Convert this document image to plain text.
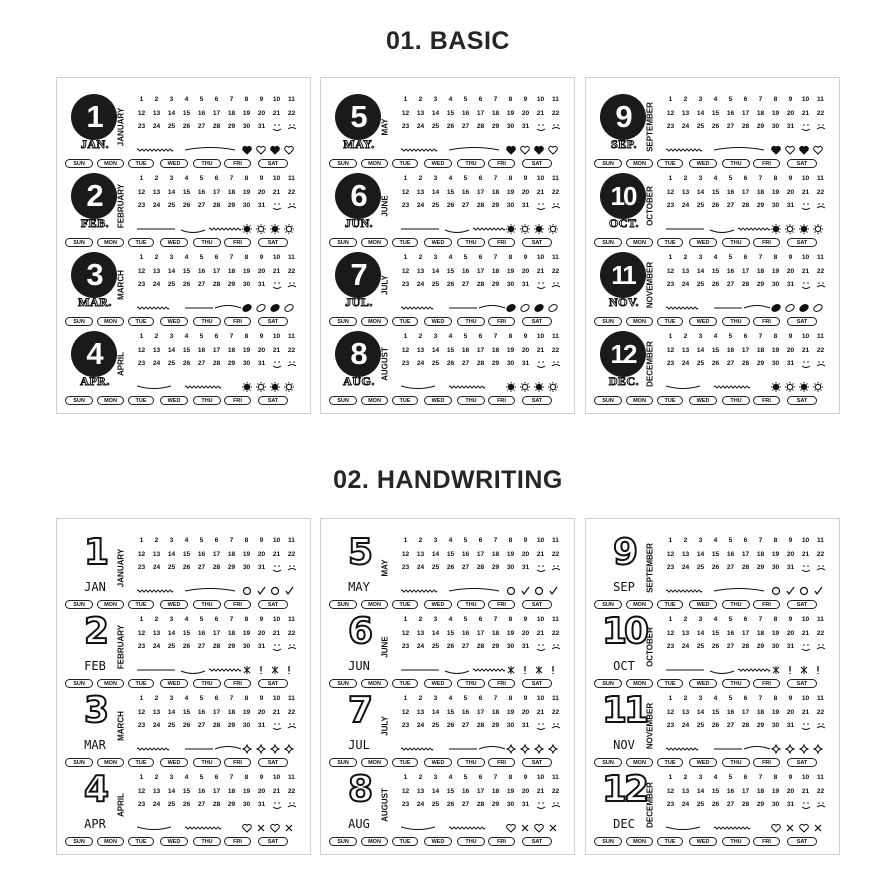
01. BASIC
1
JAN. JANUARY
1	2	3	4	5	6	7	8	9	10	11
12	13	14	15	16	17	18	19	20	21	22
23	24	25	26	27	28	29	30	31
SUN	MON	TUE	WED	THU	FRI	SAT
2
FEB. FEBRUARY
1	2	3	4	5	6	7	8	9	10	11
12	13	14	15	16	17	18	19	20	21	22
23	24	25	26	27	28	29	30	31
SUN	MON	TUE	WED	THU	FRI	SAT
3
MAR.
MARCH
1	2	3	4	5	6	7	8	9	10	11
12	13	14	15	16	17	18	19	20	21	22
23	24	25	26	27	28	29	30	31
SUN	MON	TUE	WED	THU	FRI	SAT
4
APR.
APRIL
1	2	3	4	5	6	7	8	9	10	11
12	13	14	15	16	17	18	19	20	21	22
23	24	25	26	27	28	29	30	31
SUN	MON	TUE	WED	THU	FRI	SAT
5
MAY.
MAY
1	2	3	4	5	6	7	8	9	10	11
12	13	14	15	16	17	18	19	20	21	22
23	24	25	26	27	28	29	30	31
SUN	MON	TUE	WED	THU	FRI	SAT
6
JUN.
JUNE
1	2	3	4	5	6	7	8	9	10	11
12	13	14	15	16	17	18	19	20	21	22
23	24	25	26	27	28	29	30	31
SUN	MON	TUE	WED	THU	FRI	SAT
7
JUL.
JULY
1	2	3	4	5	6	7	8	9	10	11
12	13	14	15	16	17	18	19	20	21	22
23	24	25	26	27	28	29	30	31
SUN	MON	TUE	WED	THU	FRI	SAT
8
AUG.
AUGUST
1	2	3	4	5	6	7	8	9	10	11
12	13	14	15	16	17	18	19	20	21	22
23	24	25	26	27	28	29	30	31
SUN	MON	TUE	WED	THU	FRI	SAT
9
SEP.	SEPTEMBER
1	2	3	4	5	6	7	8	9	10	11
12	13	14	15	16	17	18	19	20	21	22
23	24	25	26	27	28	29	30	31
SUN	MON	TUE	WED	THU	FRI	SAT
10
OCT. OCTOBER
1	2	3	4	5	6	7	8	9	10	11
12	13	14	15	16	17	18	19	20	21	22
23	24	25	26	27	28	29	30	31
SUN	MON	TUE	WED	THU	FRI	SAT
11
NOV. NOVEMBER
1	2	3	4	5	6	7	8	9	10	11
12	13	14	15	16	17	18	19	20	21	22
23	24	25	26	27	28	29	30	31
SUN	MON	TUE	WED	THU	FRI	SAT
12
DEC. DECEMBER
1	2	3	4	5	6	7	8	9	10	11
12	13	14	15	16	17	18	19	20	21	22
23	24	25	26	27	28	29	30	31
SUN	MON	TUE	WED	THU	FRI	SAT
02. HANDWRITING
1
JAN	JANUARY
1	2	3	4	5	6	7	8	9	10	11
12	13	14	15	16	17	18	19	20	21	22
23	24	25	26	27	28	29	30	31
SUN	MON	TUE	WED	THU	FRI	SAT
2
FEB	FEBRUARY
1	2	3	4	5	6	7	8	9	10	11
12	13	14	15	16	17	18	19	20	21	22
23	24	25	26	27	28	29	30	31
SUN	MON	TUE	WED	THU	FRI	SAT
3
MAR
MARCH
1	2	3	4	5	6	7	8	9	10	11
12	13	14	15	16	17	18	19	20	21	22
23	24	25	26	27	28	29	30	31
SUN	MON	TUE	WED	THU	FRI	SAT
4
APR
APRIL
1	2	3	4	5	6	7	8	9	10	11
12	13	14	15	16	17	18	19	20	21	22
23	24	25	26	27	28	29	30	31
SUN	MON	TUE	WED	THU	FRI	SAT
5
MAY
MAY
1	2	3	4	5	6	7	8	9	10	11
12	13	14	15	16	17	18	19	20	21	22
23	24	25	26	27	28	29	30	31
SUN	MON	TUE	WED	THU	FRI	SAT
6
JUN
JUNE
1	2	3	4	5	6	7	8	9	10	11
12	13	14	15	16	17	18	19	20	21	22
23	24	25	26	27	28	29	30	31
SUN	MON	TUE	WED	THU	FRI	SAT
7
JUL
JULY
1	2	3	4	5	6	7	8	9	10	11
12	13	14	15	16	17	18	19	20	21	22
23	24	25	26	27	28	29	30	31
SUN	MON	TUE	WED	THU	FRI	SAT
8
AUG
AUGUST
1	2	3	4	5	6	7	8	9	10	11
12	13	14	15	16	17	18	19	20	21	22
23	24	25	26	27	28	29	30	31
SUN	MON	TUE	WED	THU	FRI	SAT
9
SEP	SEPTEMBER
1	2	3	4	5	6	7	8	9	10	11
12	13	14	15	16	17	18	19	20	21	22
23	24	25	26	27	28	29	30	31
SUN	MON	TUE	WED	THU	FRI	SAT
10
OCT	OCTOBER
1	2	3	4	5	6	7	8	9	10	11
12	13	14	15	16	17	18	19	20	21	22
23	24	25	26	27	28	29	30	31
SUN	MON	TUE	WED	THU	FRI	SAT
11
NOV	NOVEMBER
1	2	3	4	5	6	7	8	9	10	11
12	13	14	15	16	17	18	19	20	21	22
23	24	25	26	27	28	29	30	31
SUN	MON	TUE	WED	THU	FRI	SAT
12
DEC	DECEMBER
1	2	3	4	5	6	7	8	9	10	11
12	13	14	15	16	17	18	19	20	21	22
23	24	25	26	27	28	29	30	31
SUN	MON	TUE	WED	THU	FRI	SAT
